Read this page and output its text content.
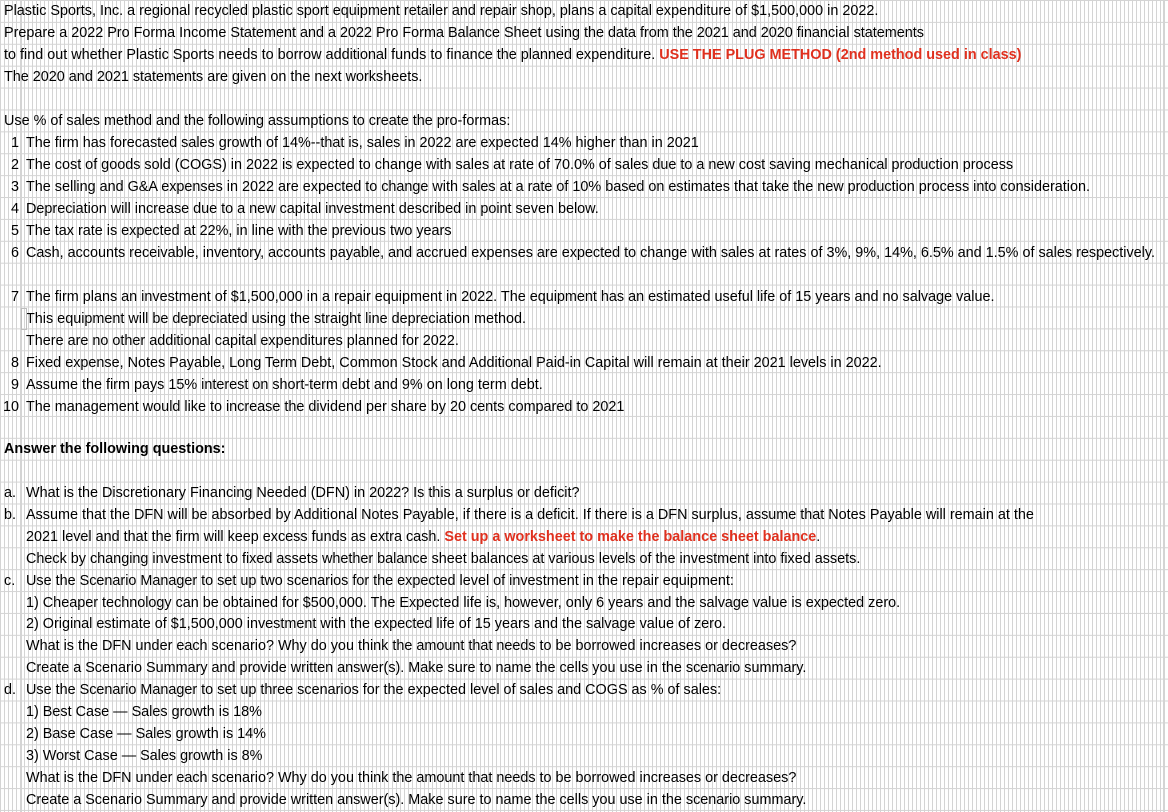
Plastic Sports, Inc. a regional recycled plastic sport equipment retailer and repair shop, plans a capital expenditure of $1,500,000 in 2022.
Prepare a 2022 Pro Forma Income Statement and a 2022 Pro Forma Balance Sheet using the data from the 2021 and 2020 financial statements
to find out whether Plastic Sports needs to borrow additional funds to finance the planned expenditure. USE THE PLUG METHOD (2nd method used in class)
The 2020 and 2021 statements are given on the next worksheets.
Use % of sales method and the following assumptions to create the pro-formas:
1 The firm has forecasted sales growth of 14%--that is, sales in 2022 are expected 14% higher than in 2021
2 The cost of goods sold (COGS) in 2022 is expected to change with sales at rate of 70.0% of sales due to a new cost saving mechanical production process
3 The selling and G&A expenses in 2022 are expected to change with sales at a rate of 10% based on estimates that take the new production process into consideration.
4 Depreciation will increase due to a new capital investment described in point seven below.
5 The tax rate is expected at 22%, in line with the previous two years
6 Cash, accounts receivable, inventory, accounts payable, and accrued expenses are expected to change with sales at rates of 3%, 9%, 14%, 6.5% and 1.5% of sales respectively.
7 The firm plans an investment of $1,500,000 in a repair equipment in 2022. The equipment has an estimated useful life of 15 years and no salvage value.
This equipment will be depreciated using the straight line depreciation method.
There are no other additional capital expenditures planned for 2022.
8 Fixed expense, Notes Payable, Long Term Debt, Common Stock and Additional Paid-in Capital will remain at their 2021 levels in 2022.
9 Assume the firm pays 15% interest on short-term debt and 9% on long term debt.
10 The management would like to increase the dividend per share by 20 cents compared to 2021
Answer the following questions:
a. What is the Discretionary Financing Needed (DFN) in 2022? Is this a surplus or deficit?
b. Assume that the DFN will be absorbed by Additional Notes Payable, if there is a deficit. If there is a DFN surplus, assume that Notes Payable will remain at the
2021 level and that the firm will keep excess funds as extra cash. Set up a worksheet to make the balance sheet balance.
Check by changing investment to fixed assets whether balance sheet balances at various levels of the investment into fixed assets.
c. Use the Scenario Manager to set up two scenarios for the expected level of investment in the repair equipment:
1) Cheaper technology can be obtained for $500,000. The Expected life is, however, only 6 years and the salvage value is expected zero.
2) Original estimate of $1,500,000 investment with the expected life of 15 years and the salvage value of zero.
What is the DFN under each scenario? Why do you think the amount that needs to be borrowed increases or decreases?
Create a Scenario Summary and provide written answer(s). Make sure to name the cells you use in the scenario summary.
d. Use the Scenario Manager to set up three scenarios for the expected level of sales and COGS as % of sales:
1) Best Case — Sales growth is 18%
2) Base Case — Sales growth is 14%
3) Worst Case — Sales growth is 8%
What is the DFN under each scenario? Why do you think the amount that needs to be borrowed increases or decreases?
Create a Scenario Summary and provide written answer(s). Make sure to name the cells you use in the scenario summary.
